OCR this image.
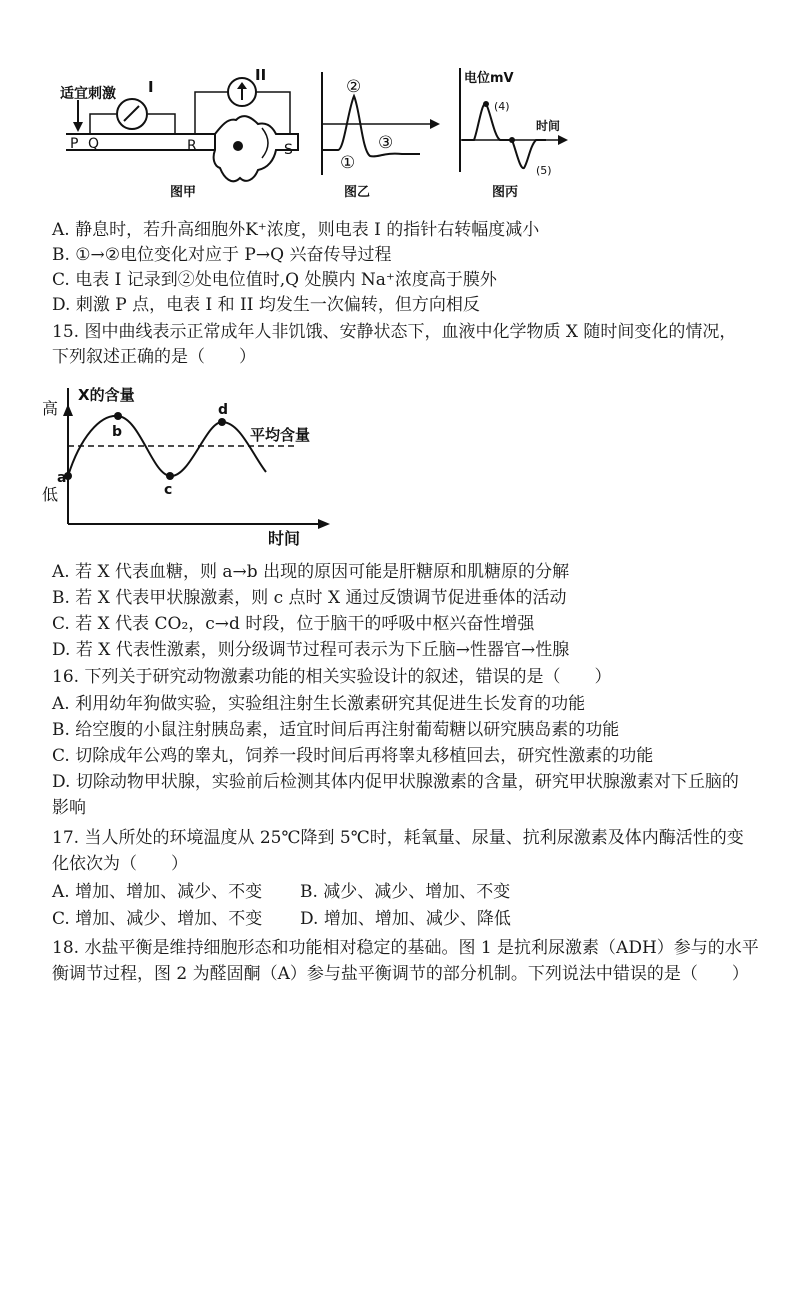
适宜刺激
P Q	R
I
II
S
图甲
②
①
③
图乙
电位mV
时间
(4)
(5)
图丙
A. 静息时，若升高细胞外K⁺浓度，则电表 I 的指针右转幅度减小
B. ①→②电位变化对应于 P→Q 兴奋传导过程
C. 电表 I 记录到②处电位值时,Q 处膜内 Na⁺浓度高于膜外
D. 刺激 P 点，电表 I 和 II 均发生一次偏转，但方向相反
15. 图中曲线表示正常成年人非饥饿、安静状态下，血液中化学物质 X 随时间变化的情况，
下列叙述正确的是（　　）
X的含量
高
低
时间
平均含量
a
b
c
d
A. 若 X 代表血糖，则 a→b 出现的原因可能是肝糖原和肌糖原的分解
B. 若 X 代表甲状腺激素，则 c 点时 X 通过反馈调节促进垂体的活动
C. 若 X 代表 CO₂，c→d 时段，位于脑干的呼吸中枢兴奋性增强
D. 若 X 代表性激素，则分级调节过程可表示为下丘脑→性器官→性腺
16. 下列关于研究动物激素功能的相关实验设计的叙述，错误的是（　　）
A. 利用幼年狗做实验，实验组注射生长激素研究其促进生长发育的功能
B. 给空腹的小鼠注射胰岛素，适宜时间后再注射葡萄糖以研究胰岛素的功能
C. 切除成年公鸡的睾丸，饲养一段时间后再将睾丸移植回去，研究性激素的功能
D. 切除动物甲状腺，实验前后检测其体内促甲状腺激素的含量，研究甲状腺激素对下丘脑的
影响
17. 当人所处的环境温度从 25℃降到 5℃时，耗氧量、尿量、抗利尿激素及体内酶活性的变
化依次为（　　）
A. 增加、增加、减少、不变 B. 减少、减少、增加、不变
C. 增加、减少、增加、不变 D. 增加、增加、减少、降低
18. 水盐平衡是维持细胞形态和功能相对稳定的基础。图 1 是抗利尿激素（ADH）参与的水平
衡调节过程，图 2 为醛固酮（A）参与盐平衡调节的部分机制。下列说法中错误的是（　　）
